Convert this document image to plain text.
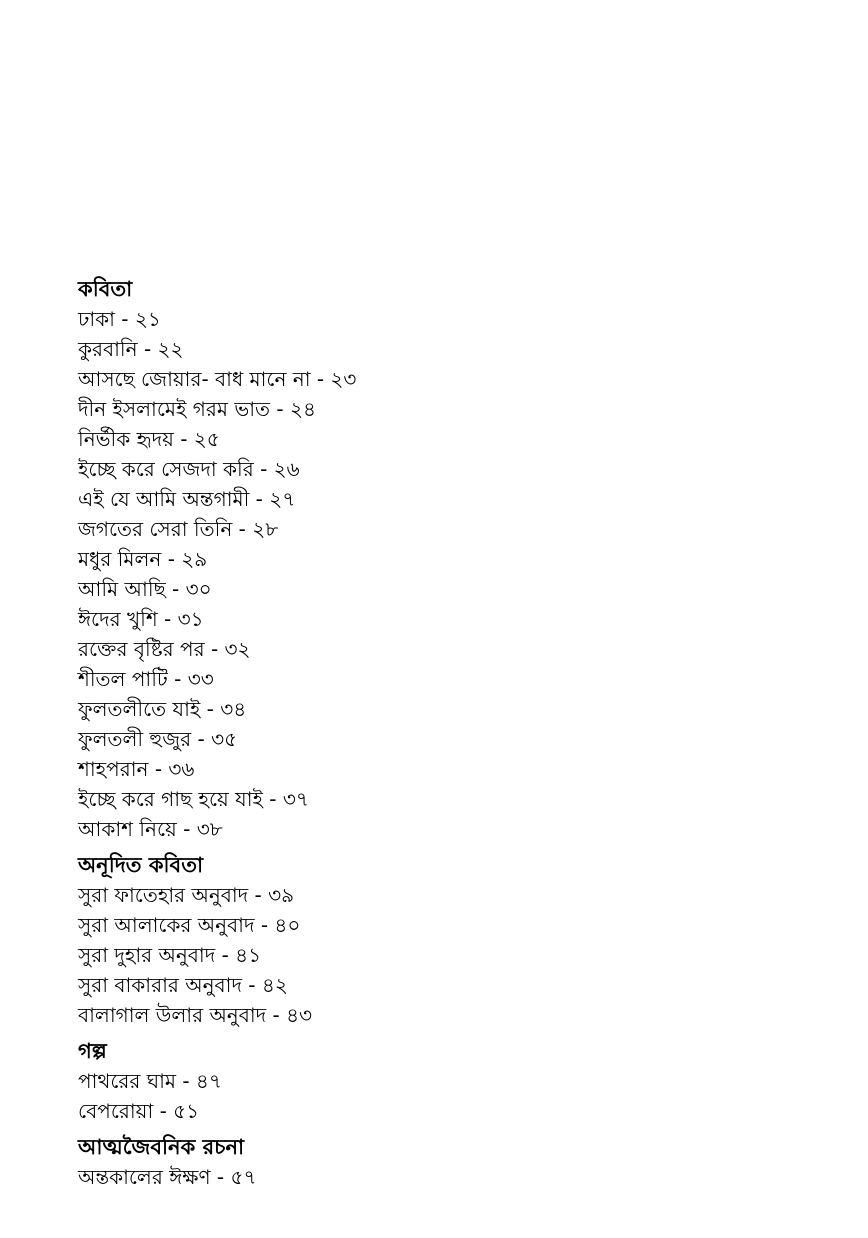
কবিতা
ঢাকা - ২১
কুরবানি - ২২
আসছে জোয়ার- বাধ মানে না - ২৩
দীন ইসলামেই গরম ভাত - ২৪
নির্ভীক হৃদয় - ২৫
ইচ্ছে করে সেজদা করি - ২৬
এই যে আমি অন্তগামী - ২৭
জগতের সেরা তিনি - ২৮
মধুর মিলন - ২৯
আমি আছি - ৩০
ঈদের খুশি - ৩১
রক্তের বৃষ্টির পর - ৩২
শীতল পাটি - ৩৩
ফুলতলীতে যাই - ৩৪
ফুলতলী হুজুর - ৩৫
শাহপরান - ৩৬
ইচ্ছে করে গাছ হয়ে যাই - ৩৭
আকাশ নিয়ে - ৩৮
অনূদিত কবিতা
সুরা ফাতেহার অনুবাদ - ৩৯
সুরা আলাকের অনুবাদ - ৪০
সুরা দুহার অনুবাদ - ৪১
সুরা বাকারার অনুবাদ - ৪২
বালাগাল উলার অনুবাদ - ৪৩
গল্প
পাথরের ঘাম - ৪৭
বেপরোয়া - ৫১
আত্মজৈবনিক রচনা
অন্তকালের ঈক্ষণ - ৫৭
